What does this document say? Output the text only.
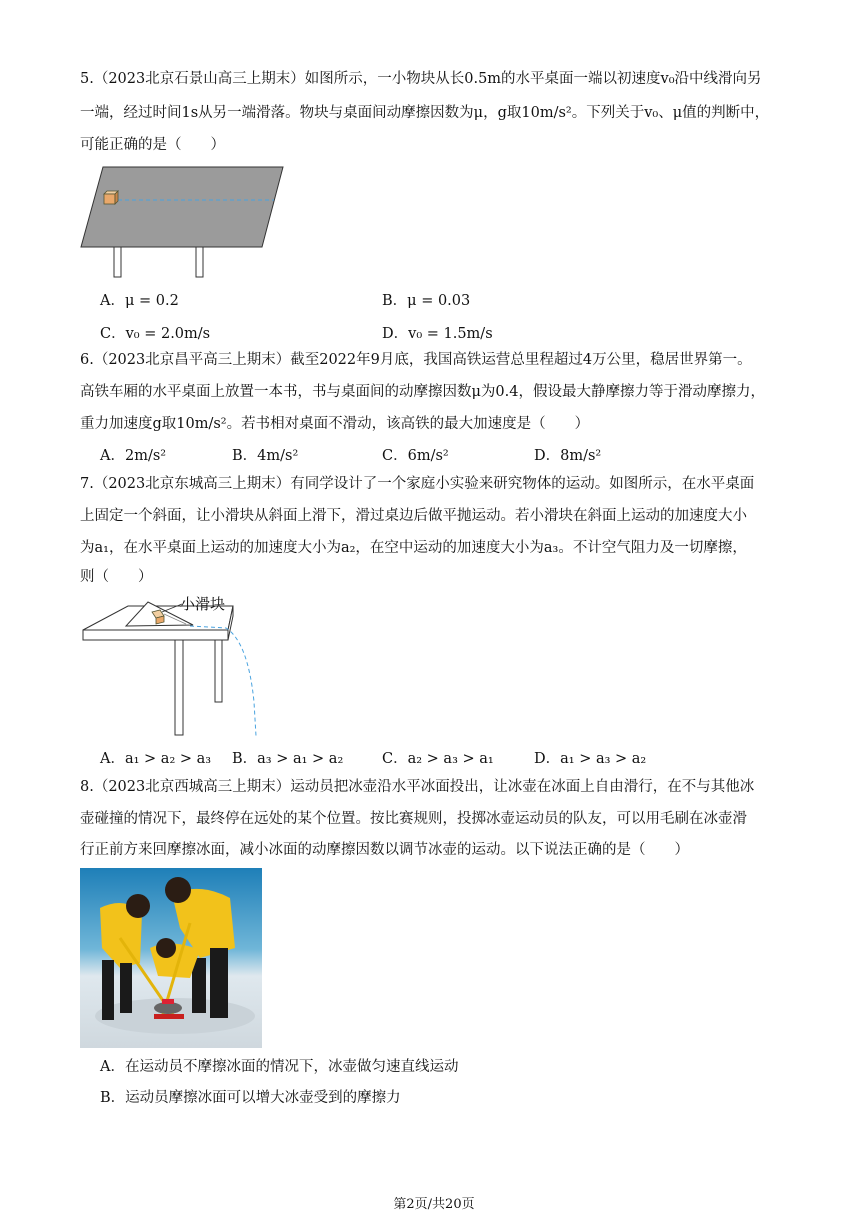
5.（2023北京石景山高三上期末）如图所示，一小物块从长0.5m的水平桌面一端以初速度v₀沿中线滑向另
一端，经过时间1s从另一端滑落。物块与桌面间动摩擦因数为μ，g取10m/s²。下列关于v₀、μ值的判断中，
可能正确的是（　　）
A．μ = 0.2	B．μ = 0.03
C．v₀ = 2.0m/s	D．v₀ = 1.5m/s
6.（2023北京昌平高三上期末）截至2022年9月底，我国高铁运营总里程超过4万公里，稳居世界第一。
高铁车厢的水平桌面上放置一本书，书与桌面间的动摩擦因数μ为0.4，假设最大静摩擦力等于滑动摩擦力，
重力加速度g取10m/s²。若书相对桌面不滑动，该高铁的最大加速度是（　　）
A．2m/s²	B．4m/s²	C．6m/s²	D．8m/s²
7.（2023北京东城高三上期末）有同学设计了一个家庭小实验来研究物体的运动。如图所示，在水平桌面
上固定一个斜面，让小滑块从斜面上滑下，滑过桌边后做平抛运动。若小滑块在斜面上运动的加速度大小
为a₁，在水平桌面上运动的加速度大小为a₂，在空中运动的加速度大小为a₃。不计空气阻力及一切摩擦，
则（　　）
小滑块
A．a₁ > a₂ > a₃ B．a₃ > a₁ > a₂	C．a₂ > a₃ > a₁	D．a₁ > a₃ > a₂
8.（2023北京西城高三上期末）运动员把冰壶沿水平冰面投出，让冰壶在冰面上自由滑行，在不与其他冰
壶碰撞的情况下，最终停在远处的某个位置。按比赛规则，投掷冰壶运动员的队友，可以用毛刷在冰壶滑
行正前方来回摩擦冰面，减小冰面的动摩擦因数以调节冰壶的运动。以下说法正确的是（　　）
A．在运动员不摩擦冰面的情况下，冰壶做匀速直线运动
B．运动员摩擦冰面可以增大冰壶受到的摩擦力
第2页/共20页
